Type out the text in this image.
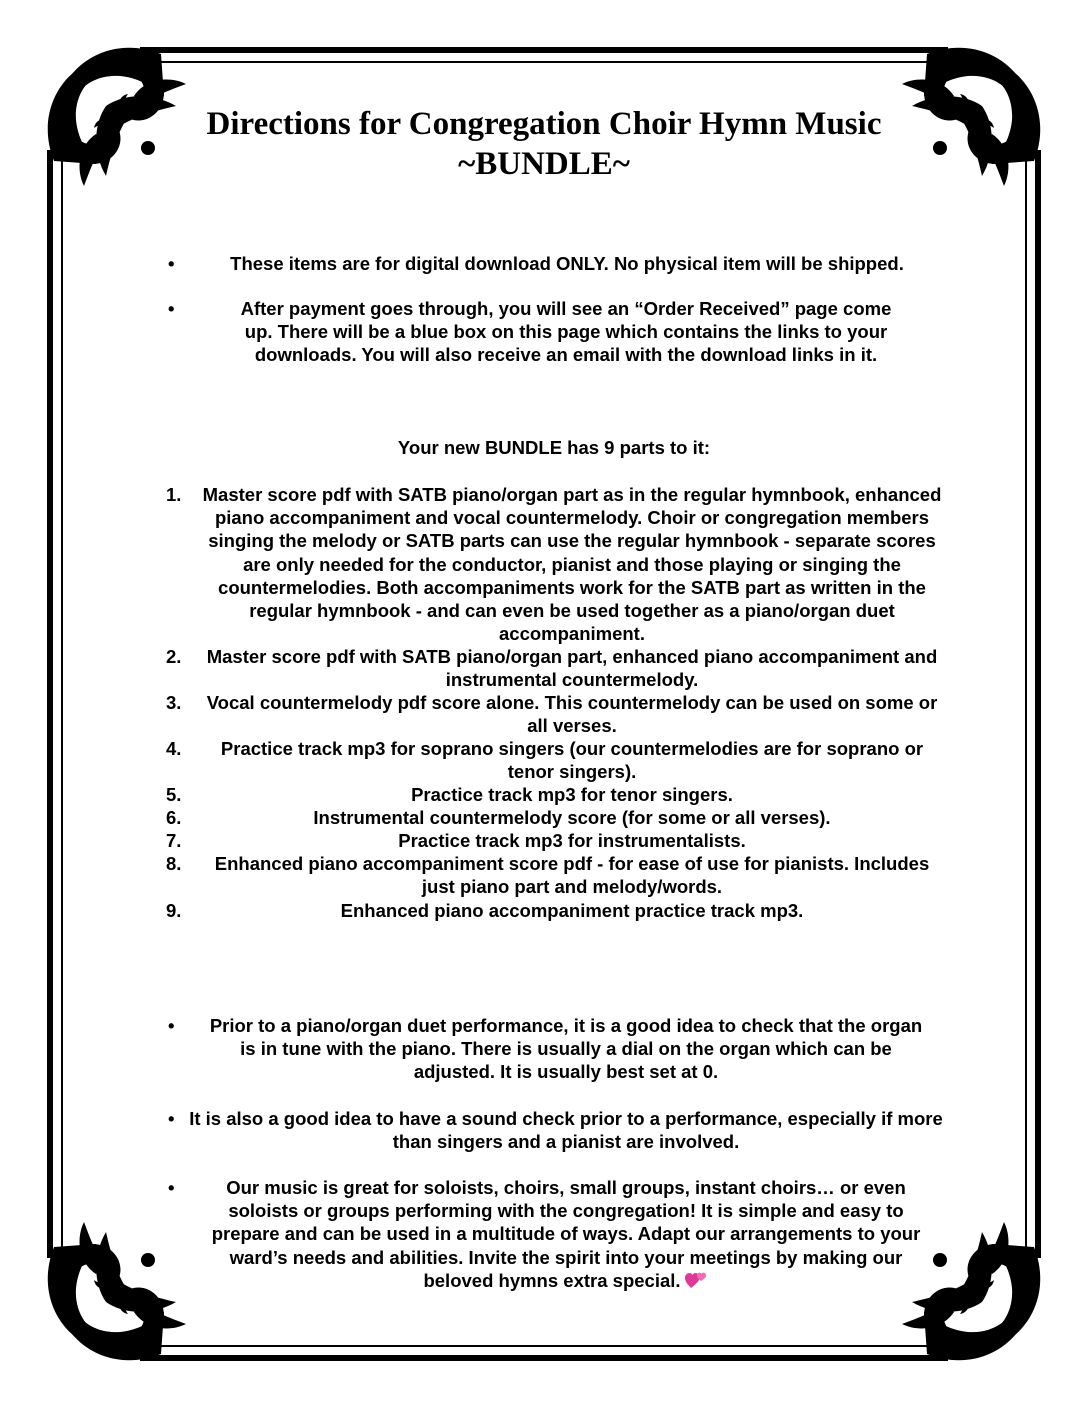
Directions for Congregation Choir Hymn Music
~BUNDLE~
•	These items are for digital download ONLY. No physical item will be shipped.
•	After payment goes through, you will see an “Order Received” page come up. There will be a blue box on this page which contains the links to your downloads. You will also receive an email with the download links in it.
Your new BUNDLE has 9 parts to it:
1.	Master score pdf with SATB piano/organ part as in the regular hymnbook, enhanced piano accompaniment and vocal countermelody. Choir or congregation members singing the melody or SATB parts can use the regular hymnbook - separate scores are only needed for the conductor, pianist and those playing or singing the countermelodies. Both accompaniments work for the SATB part as written in the regular hymnbook - and can even be used together as a piano/organ duet accompaniment.
2.	Master score pdf with SATB piano/organ part, enhanced piano accompaniment and instrumental countermelody.
3.	Vocal countermelody pdf score alone. This countermelody can be used on some or all verses.
4.	Practice track mp3 for soprano singers (our countermelodies are for soprano or tenor singers).
5.	Practice track mp3 for tenor singers.
6.	Instrumental countermelody score (for some or all verses).
7.	Practice track mp3 for instrumentalists.
8.	Enhanced piano accompaniment score pdf - for ease of use for pianists. Includes just piano part and melody/words.
9.	Enhanced piano accompaniment practice track mp3.
•	Prior to a piano/organ duet performance, it is a good idea to check that the organ is in tune with the piano. There is usually a dial on the organ which can be adjusted. It is usually best set at 0.
• It is also a good idea to have a sound check prior to a performance, especially if more than singers and a pianist are involved.
•	Our music is great for soloists, choirs, small groups, instant choirs… or even soloists or groups performing with the congregation! It is simple and easy to prepare and can be used in a multitude of ways. Adapt our arrangements to your ward’s needs and abilities. Invite the spirit into your meetings by making our beloved hymns extra special.
